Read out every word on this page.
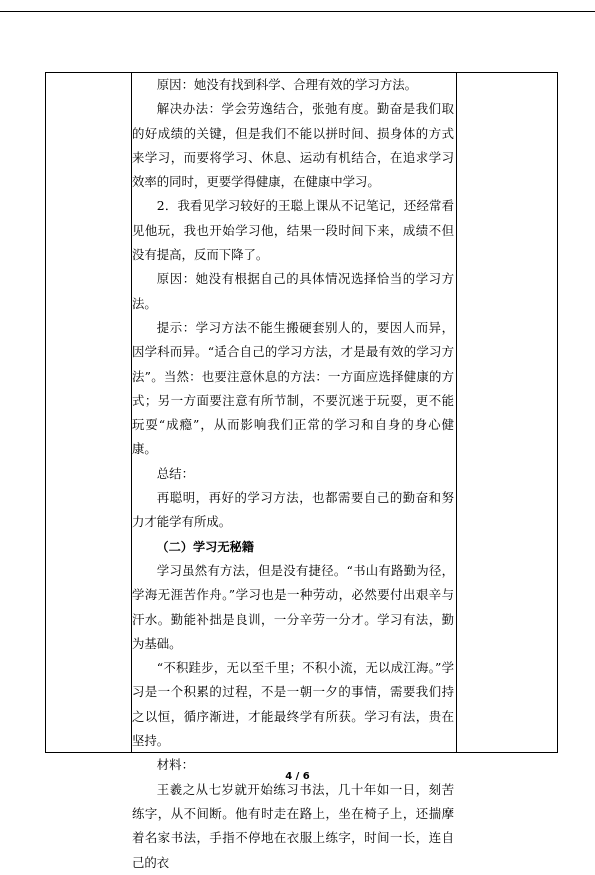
原因：她没有找到科学、合理有效的学习方法。

解决办法：学会劳逸结合，张弛有度。勤奋是我们取的好成绩的关键，但是我们不能以拼时间、损身体的方式来学习，而要将学习、休息、运动有机结合，在追求学习效率的同时，更要学得健康，在健康中学习。

2．我看见学习较好的王聪上课从不记笔记，还经常看见他玩，我也开始学习他，结果一段时间下来，成绩不但没有提高，反而下降了。

原因：她没有根据自己的具体情况选择恰当的学习方法。

提示：学习方法不能生搬硬套别人的，要因人而异，因学科而异。“适合自己的学习方法，才是最有效的学习方法”。当然：也要注意休息的方法：一方面应选择健康的方式；另一方面要注意有所节制，不要沉迷于玩耍，更不能玩耍“成瘾”，从而影响我们正常的学习和自身的身心健康。

总结：

再聪明，再好的学习方法，也都需要自己的勤奋和努力才能学有所成。

（二）学习无秘籍

学习虽然有方法，但是没有捷径。“书山有路勤为径，学海无涯苦作舟。”学习也是一种劳动，必然要付出艰辛与汗水。勤能补拙是良训，一分辛劳一分才。学习有法，勤为基础。

“不积跬步，无以至千里；不积小流，无以成江海。”学习是一个积累的过程，不是一朝一夕的事情，需要我们持之以恒，循序渐进，才能最终学有所获。学习有法，贵在坚持。

材料：

王羲之从七岁就开始练习书法，几十年如一日，刻苦练字，从不间断。他有时走在路上，坐在椅子上，还揣摩着名家书法，手指不停地在衣服上练字，时间一长，连自己的衣

4 / 6
